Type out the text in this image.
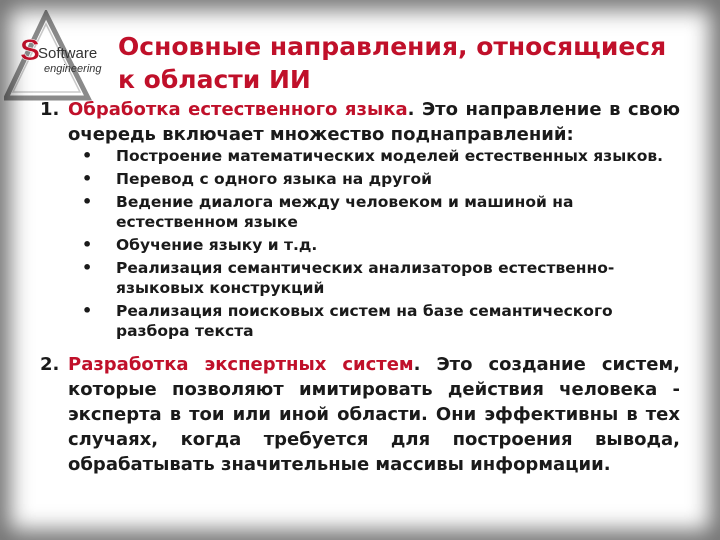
S
Software
engineering
Основные направления, относящиеся к области ИИ
1. Обработка естественного языка. Это направление в свою очередь включает множество поднаправлений:
• Построение математических моделей естественных языков.
• Перевод с одного языка на другой
• Ведение диалога между человеком и машиной на естественном языке
• Обучение языку и т.д.
• Реализация семантических анализаторов естественно-языковых конструкций
• Реализация поисковых систем на базе семантического разбора текста
2. Разработка экспертных систем. Это создание систем, которые позволяют имитировать действия человека - эксперта в тои или иной области. Они эффективны в тех случаях, когда требуется для построения вывода, обрабатывать значительные массивы информации.
